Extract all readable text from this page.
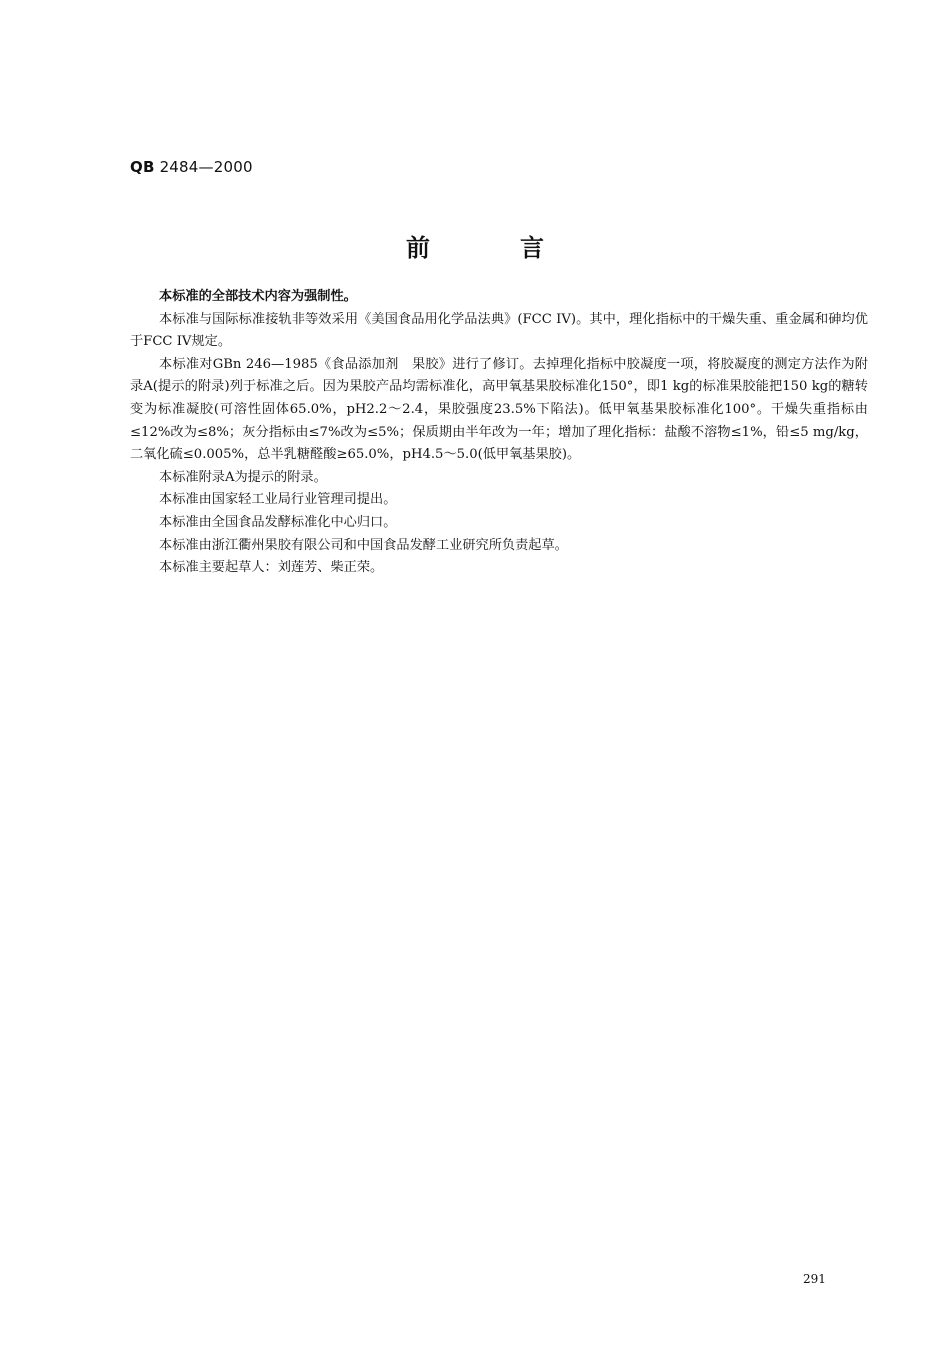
QB 2484—2000
前言

本标准的全部技术内容为强制性。

本标准与国际标准接轨非等效采用《美国食品用化学品法典》(FCC IV)。其中，理化指标中的干燥失重、重金属和砷均优于FCC IV规定。

本标准对GBn 246—1985《食品添加剂　果胶》进行了修订。去掉理化指标中胶凝度一项，将胶凝度的测定方法作为附录A(提示的附录)列于标准之后。因为果胶产品均需标准化，高甲氧基果胶标准化150°，即1 kg的标准果胶能把150 kg的糖转变为标准凝胶(可溶性固体65.0%，pH2.2～2.4，果胶强度23.5%下陷法)。低甲氧基果胶标准化100°。干燥失重指标由≤12%改为≤8%；灰分指标由≤7%改为≤5%；保质期由半年改为一年；增加了理化指标：盐酸不溶物≤1%，铅≤5 mg/kg，二氧化硫≤0.005%，总半乳糖醛酸≥65.0%，pH4.5～5.0(低甲氧基果胶)。

本标准附录A为提示的附录。

本标准由国家轻工业局行业管理司提出。

本标准由全国食品发酵标准化中心归口。

本标准由浙江衢州果胶有限公司和中国食品发酵工业研究所负责起草。

本标准主要起草人：刘莲芳、柴正荣。

291
